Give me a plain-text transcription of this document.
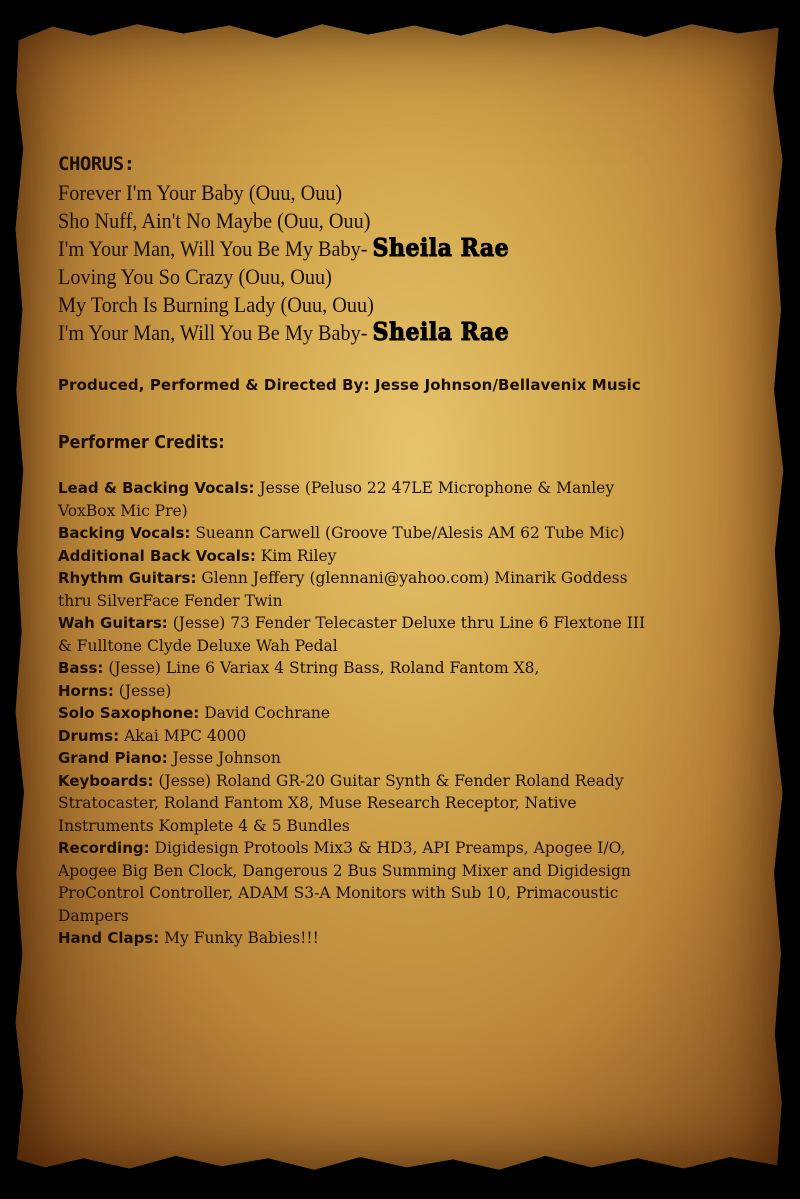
CHORUS:
Forever I'm Your Baby (Ouu, Ouu)
Sho Nuff, Ain't No Maybe (Ouu, Ouu)
I'm Your Man, Will You Be My Baby- Sheila Rae
Loving You So Crazy (Ouu, Ouu)
My Torch Is Burning Lady (Ouu, Ouu)
I'm Your Man, Will You Be My Baby- Sheila Rae
Produced, Performed & Directed By: Jesse Johnson/Bellavenix Music
Performer Credits:
Lead & Backing Vocals: Jesse (Peluso 22 47LE Microphone & Manley
VoxBox Mic Pre)
Backing Vocals: Sueann Carwell (Groove Tube/Alesis AM 62 Tube Mic)
Additional Back Vocals: Kim Riley
Rhythm Guitars: Glenn Jeffery (glennani@yahoo.com) Minarik Goddess
thru SilverFace Fender Twin
Wah Guitars: (Jesse) 73 Fender Telecaster Deluxe thru Line 6 Flextone III
& Fulltone Clyde Deluxe Wah Pedal
Bass: (Jesse) Line 6 Variax 4 String Bass, Roland Fantom X8,
Horns: (Jesse)
Solo Saxophone: David Cochrane
Drums: Akai MPC 4000
Grand Piano: Jesse Johnson
Keyboards: (Jesse) Roland GR-20 Guitar Synth & Fender Roland Ready
Stratocaster, Roland Fantom X8, Muse Research Receptor, Native
Instruments Komplete 4 & 5 Bundles
Recording: Digidesign Protools Mix3 & HD3, API Preamps, Apogee I/O,
Apogee Big Ben Clock, Dangerous 2 Bus Summing Mixer and Digidesign
ProControl Controller, ADAM S3-A Monitors with Sub 10, Primacoustic
Dampers
Hand Claps: My Funky Babies!!!
